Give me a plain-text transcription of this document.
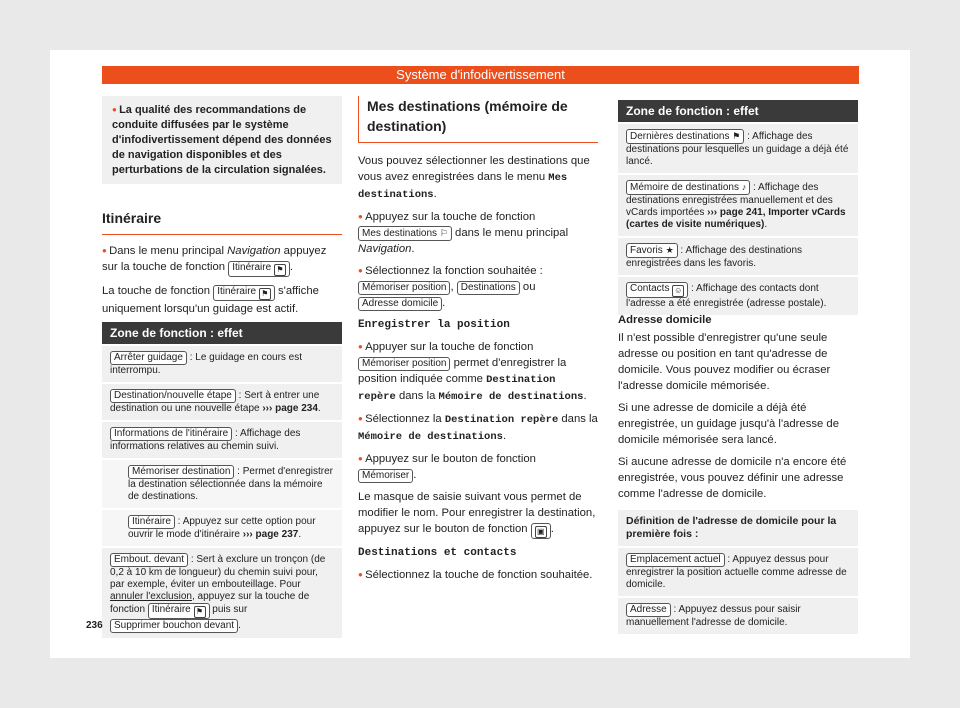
Système d'infodivertissement
● La qualité des recommandations de conduite diffusées par le système d'infodivertissement dépend des données de navigation disponibles et des perturbations de la circulation signalées.
Itinéraire

● Dans le menu principal Navigation appuyez sur la touche de fonction Itinéraire ⚑ .

La touche de fonction Itinéraire ⚑ s'affiche uniquement lorsqu'un guidage est actif.

Zone de fonction : effet
Arrêter guidage : Le guidage en cours est interrompu.
Destination/nouvelle étape : Sert à entrer une destination ou une nouvelle étape ››› page 234.
Informations de l'itinéraire : Affichage des informations relatives au chemin suivi.
Mémoriser destination : Permet d'enregistrer la destination sélectionnée dans la mémoire de destinations.
Itinéraire : Appuyez sur cette option pour ouvrir le mode d'itinéraire ››› page 237.
Embout. devant : Sert à exclure un tronçon (de 0,2 à 10 km de longueur) du chemin suivi pour, par exemple, éviter un embouteillage. Pour annuler l'exclusion, appuyez sur la touche de fonction Itinéraire ⚑ puis sur Supprimer bouchon devant .
Mes destinations (mémoire de destination)

Vous pouvez sélectionner les destinations que vous avez enregistrées dans le menu Mes destinations.

● Appuyez sur la touche de fonction
Mes destinations ⚐ dans le menu principal Navigation.

● Sélectionnez la fonction souhaitée :
Mémoriser position , Destinations ou
Adresse domicile .

Enregistrer la position

● Appuyer sur la touche de fonction
Mémoriser position permet d'enregistrer la position indiquée comme Destination repère dans la Mémoire de destinations.

● Sélectionnez la Destination repère dans la Mémoire de destinations.

● Appuyez sur le bouton de fonction
Mémoriser .

Le masque de saisie suivant vous permet de modifier le nom. Pour enregistrer la destination, appuyez sur le bouton de fonction ▣ .

Destinations et contacts

● Sélectionnez la touche de fonction souhaitée.

Zone de fonction : effet
Dernières destinations ⚑ : Affichage des destinations pour lesquelles un guidage a déjà été lancé.
Mémoire de destinations ♪ : Affichage des destinations enregistrées manuellement et des vCards importées ››› page 241, Importer vCards (cartes de visite numériques).
Favoris ★ : Affichage des destinations enregistrées dans les favoris.
Contacts ☺ : Affichage des contacts dont l'adresse a été enregistrée (adresse postale).

Adresse domicile

Il n'est possible d'enregistrer qu'une seule adresse ou position en tant qu'adresse de domicile. Vous pouvez modifier ou écraser l'adresse domicile mémorisée.

Si une adresse de domicile a déjà été enregistrée, un guidage jusqu'à l'adresse de domicile mémorisée sera lancé.

Si aucune adresse de domicile n'a encore été enregistrée, vous pouvez définir une adresse comme l'adresse de domicile.

Définition de l'adresse de domicile pour la première fois :
Emplacement actuel : Appuyez dessus pour enregistrer la position actuelle comme adresse de domicile.
Adresse : Appuyez dessus pour saisir manuellement l'adresse de domicile.
236
